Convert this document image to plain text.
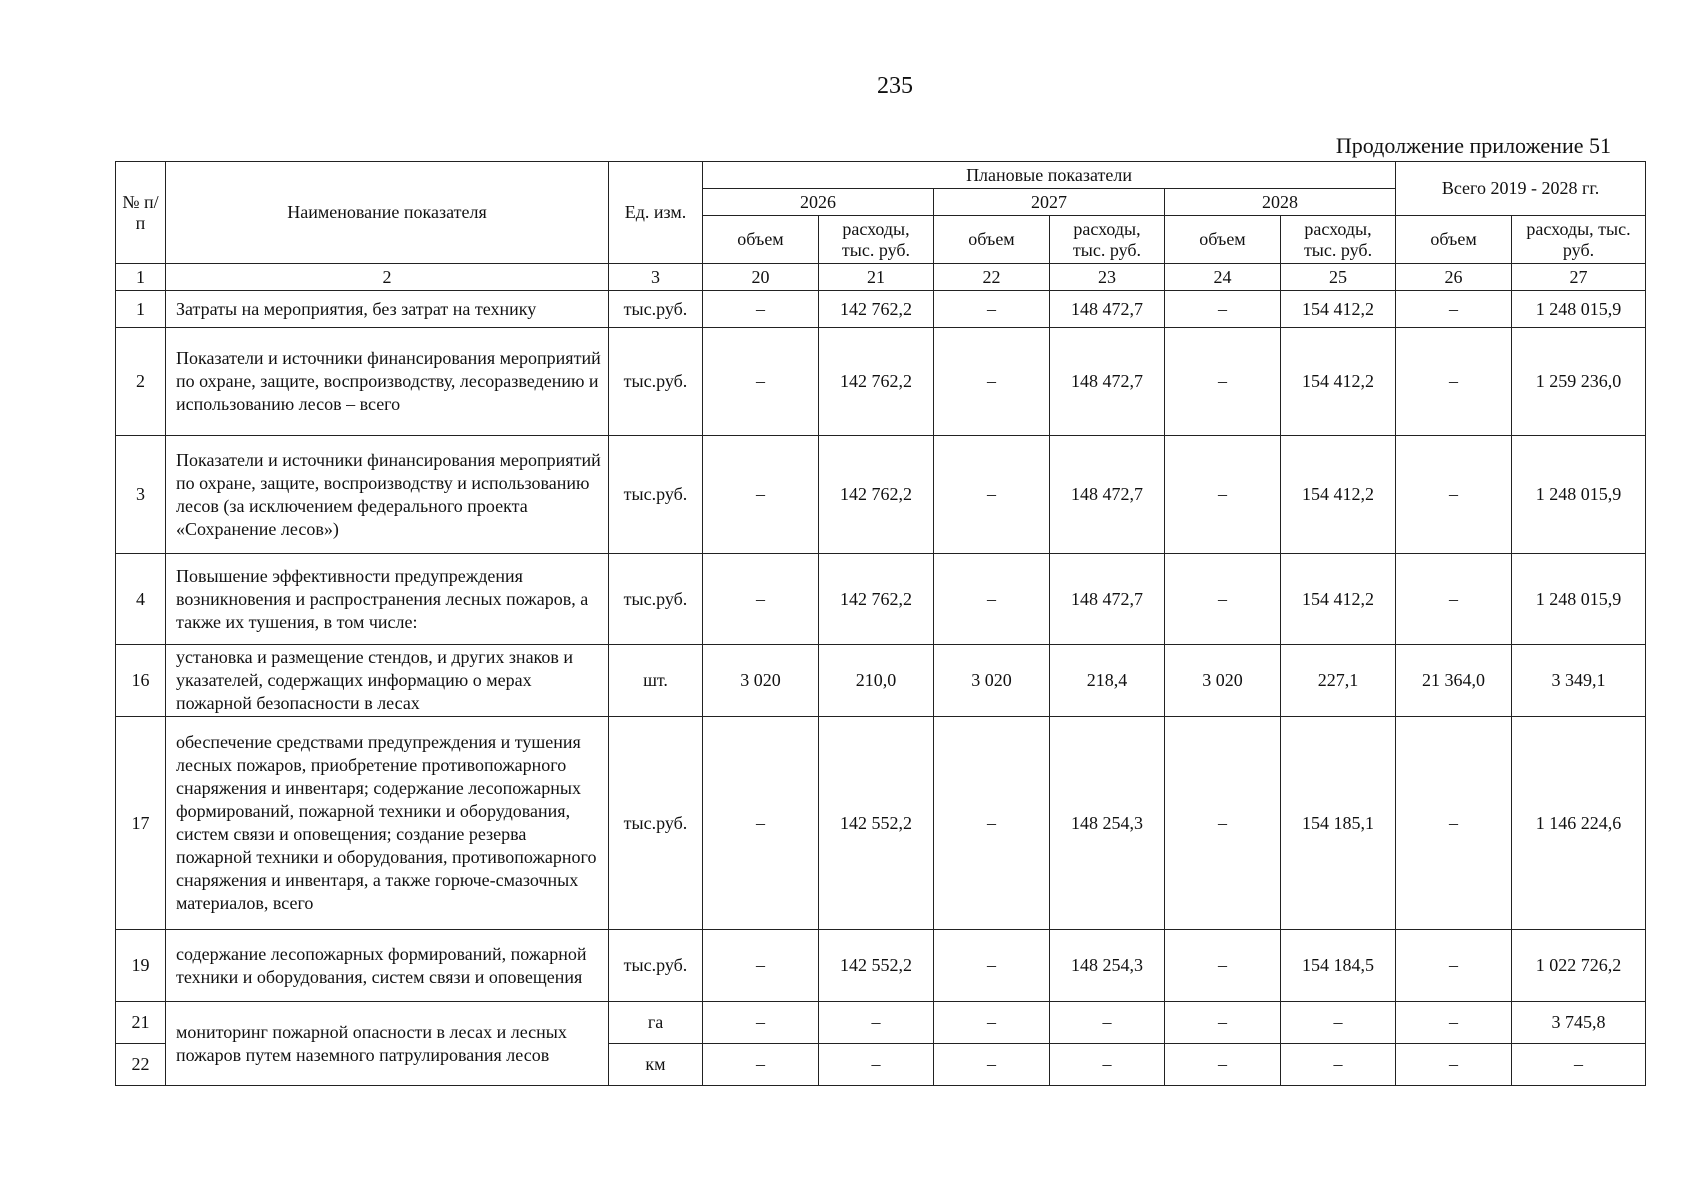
235
Продолжение приложение 51
№ п/п	Наименование показателя	Ед. изм.	Плановые показатели						Всего 2019 - 2028 гг.	
			2026		2027		2028			
			объем	расходы, тыс. руб.	объем	расходы, тыс. руб.	объем	расходы, тыс. руб.	объем	расходы, тыс. руб.
1	2	3	20	21	22	23	24	25	26	27
1	Затраты на мероприятия, без затрат на технику	тыс.руб.	–	142 762,2	–	148 472,7	–	154 412,2	–	1 248 015,9
2	Показатели и источники финансирования мероприятий по охране, защите, воспроизводству, лесоразведению и использованию лесов – всего	тыс.руб.	–	142 762,2	–	148 472,7	–	154 412,2	–	1 259 236,0
3	Показатели и источники финансирования мероприятий по охране, защите, воспроизводству и использованию лесов (за исключением федерального проекта «Сохранение лесов»)	тыс.руб.	–	142 762,2	–	148 472,7	–	154 412,2	–	1 248 015,9
4	Повышение эффективности предупреждения возникновения и распространения лесных пожаров, а также их тушения, в том числе:	тыс.руб.	–	142 762,2	–	148 472,7	–	154 412,2	–	1 248 015,9
16	установка и размещение стендов, и других знаков и указателей, содержащих информацию о мерах пожарной безопасности в лесах	шт.	3 020	210,0	3 020	218,4	3 020	227,1	21 364,0	3 349,1
17	обеспечение средствами предупреждения и тушения лесных пожаров, приобретение противопожарного снаряжения и инвентаря; содержание лесопожарных формирований, пожарной техники и оборудования, систем связи и оповещения; создание резерва пожарной техники и оборудования, противопожарного снаряжения и инвентаря, а также горюче-смазочных материалов, всего	тыс.руб.	–	142 552,2	–	148 254,3	–	154 185,1	–	1 146 224,6
19	содержание лесопожарных формирований, пожарной техники и оборудования, систем связи и оповещения	тыс.руб.	–	142 552,2	–	148 254,3	–	154 184,5	–	1 022 726,2
21	мониторинг пожарной опасности в лесах и лесных пожаров путем наземного патрулирования лесов	га	–	–	–	–	–	–	–	3 745,8
22		км	–	–	–	–	–	–	–	–
